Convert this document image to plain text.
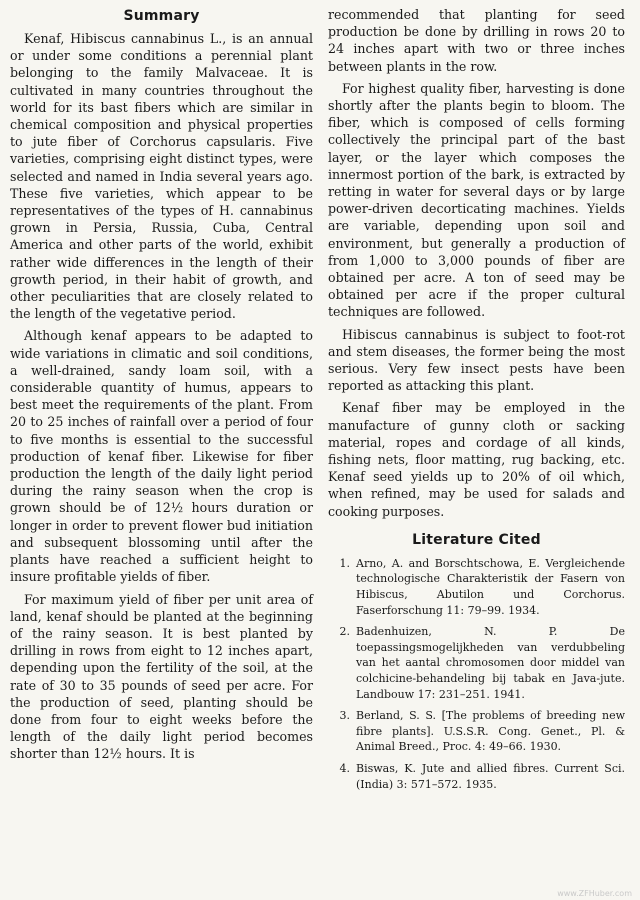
Summary

Kenaf, Hibiscus cannabinus L., is an annual or under some conditions a perennial plant belonging to the family Malvaceae. It is cultivated in many countries throughout the world for its bast fibers which are similar in chemical composition and physical properties to jute fiber of Corchorus capsularis. Five varieties, comprising eight distinct types, were selected and named in India several years ago. These five varieties, which appear to be representatives of the types of H. cannabinus grown in Persia, Russia, Cuba, Central America and other parts of the world, exhibit rather wide differences in the length of their growth period, in their habit of growth, and other peculiarities that are closely related to the length of the vegetative period.

Although kenaf appears to be adapted to wide variations in climatic and soil conditions, a well-drained, sandy loam soil, with a considerable quantity of humus, appears to best meet the requirements of the plant. From 20 to 25 inches of rainfall over a period of four to five months is essential to the successful production of kenaf fiber. Likewise for fiber production the length of the daily light period during the rainy season when the crop is grown should be of 12½ hours duration or longer in order to prevent flower bud initiation and subsequent blossoming until after the plants have reached a sufficient height to insure profitable yields of fiber.

For maximum yield of fiber per unit area of land, kenaf should be planted at the beginning of the rainy season. It is best planted by drilling in rows from eight to 12 inches apart, depending upon the fertility of the soil, at the rate of 30 to 35 pounds of seed per acre. For the production of seed, planting should be done from four to eight weeks before the length of the daily light period becomes shorter than 12½ hours. It is

recommended that planting for seed production be done by drilling in rows 20 to 24 inches apart with two or three inches between plants in the row.

For highest quality fiber, harvesting is done shortly after the plants begin to bloom. The fiber, which is composed of cells forming collectively the principal part of the bast layer, or the layer which composes the innermost portion of the bark, is extracted by retting in water for several days or by large power-driven decorticating machines. Yields are variable, depending upon soil and environment, but generally a production of from 1,000 to 3,000 pounds of fiber are obtained per acre. A ton of seed may be obtained per acre if the proper cultural techniques are followed.

Hibiscus cannabinus is subject to foot-rot and stem diseases, the former being the most serious. Very few insect pests have been reported as attacking this plant.

Kenaf fiber may be employed in the manufacture of gunny cloth or sacking material, ropes and cordage of all kinds, fishing nets, floor matting, rug backing, etc. Kenaf seed yields up to 20% of oil which, when refined, may be used for salads and cooking purposes.

Literature Cited
1. Arno, A. and Borschtschowa, E. Vergleichende technologische Charakteristik der Fasern von Hibiscus, Abutilon und Corchorus. Faserforschung 11: 79–99. 1934.
2. Badenhuizen, N. P. De toepassingsmogelijkheden van verdubbeling van het aantal chromosomen door middel van colchicine-behandeling bij tabak en Java-jute. Landbouw 17: 231–251. 1941.
3. Berland, S. S. [The problems of breeding new fibre plants]. U.S.S.R. Cong. Genet., Pl. & Animal Breed., Proc. 4: 49–66. 1930.
4. Biswas, K. Jute and allied fibres. Current Sci. (India) 3: 571–572. 1935.
www.ZFHuber.com
